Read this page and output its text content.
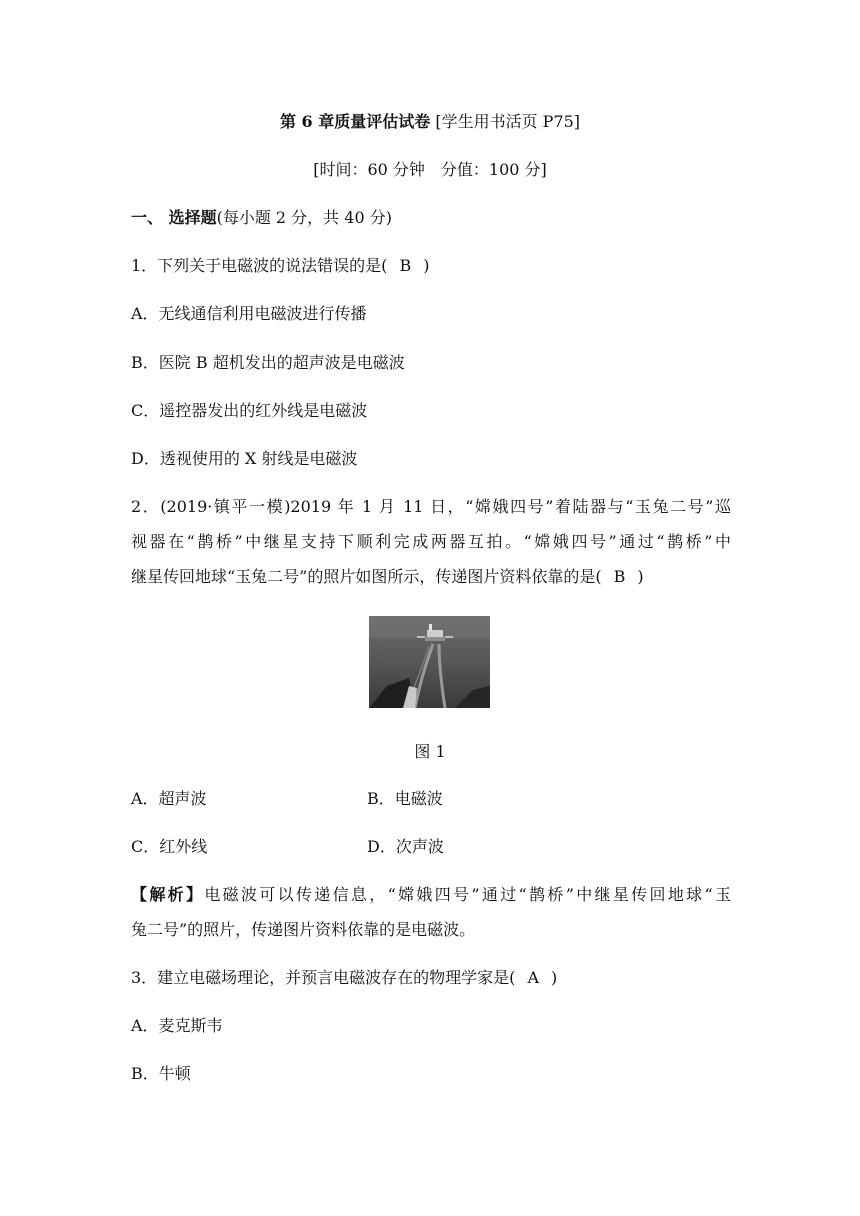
第 6 章质量评估试卷 [学生用书活页 P75]
[时间：60 分钟　分值：100 分]
一、 选择题(每小题 2 分，共 40 分)
1．下列关于电磁波的说法错误的是( B )
A．无线通信利用电磁波进行传播
B．医院 B 超机发出的超声波是电磁波
C．遥控器发出的红外线是电磁波
D．透视使用的 X 射线是电磁波
2．(2019·镇平一模)2019 年 1 月 11 日，“嫦娥四号”着陆器与“玉兔二号”巡
视器在“鹊桥”中继星支持下顺利完成两器互拍。“嫦娥四号”通过“鹊桥”中
继星传回地球“玉兔二号”的照片如图所示，传递图片资料依靠的是( B )
图 1
A．超声波	B．电磁波
C．红外线	D．次声波
【解析】电磁波可以传递信息，“嫦娥四号”通过“鹊桥”中继星传回地球“玉
兔二号”的照片，传递图片资料依靠的是电磁波。
3．建立电磁场理论，并预言电磁波存在的物理学家是( A )
A．麦克斯韦
B．牛顿
